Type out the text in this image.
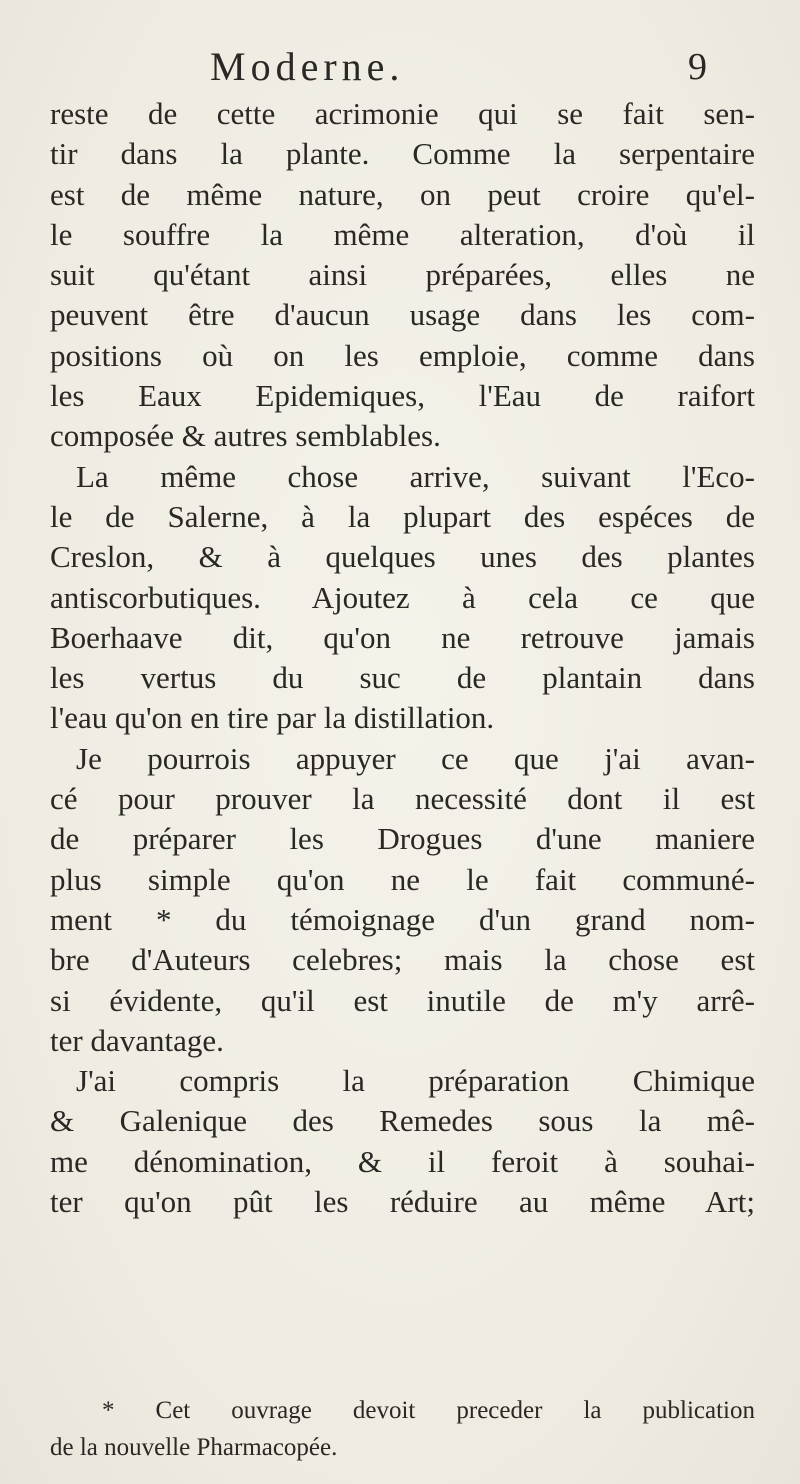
Moderne.	9
reste de cette acrimonie qui se fait sen-
tir dans la plante. Comme la serpentaire
est de même nature, on peut croire qu'el-
le souffre la même alteration, d'où il
suit qu'étant ainsi préparées, elles ne
peuvent être d'aucun usage dans les com-
positions où on les emploie, comme dans
les Eaux Epidemiques, l'Eau de raifort
composée & autres semblables.
La même chose arrive, suivant l'Eco-
le de Salerne, à la plupart des espéces de
Creslon, & à quelques unes des plantes
antiscorbutiques. Ajoutez à cela ce que
Boerhaave dit, qu'on ne retrouve jamais
les vertus du suc de plantain dans
l'eau qu'on en tire par la distillation.
Je pourrois appuyer ce que j'ai avan-
cé pour prouver la necessité dont il est
de préparer les Drogues d'une maniere
plus simple qu'on ne le fait communé-
ment * du témoignage d'un grand nom-
bre d'Auteurs celebres; mais la chose est
si évidente, qu'il est inutile de m'y arrê-
ter davantage.
J'ai compris la préparation Chimique
& Galenique des Remedes sous la mê-
me dénomination, & il feroit à souhai-
ter qu'on pût les réduire au même Art;
* Cet ouvrage devoit preceder la publication
de la nouvelle Pharmacopée.
